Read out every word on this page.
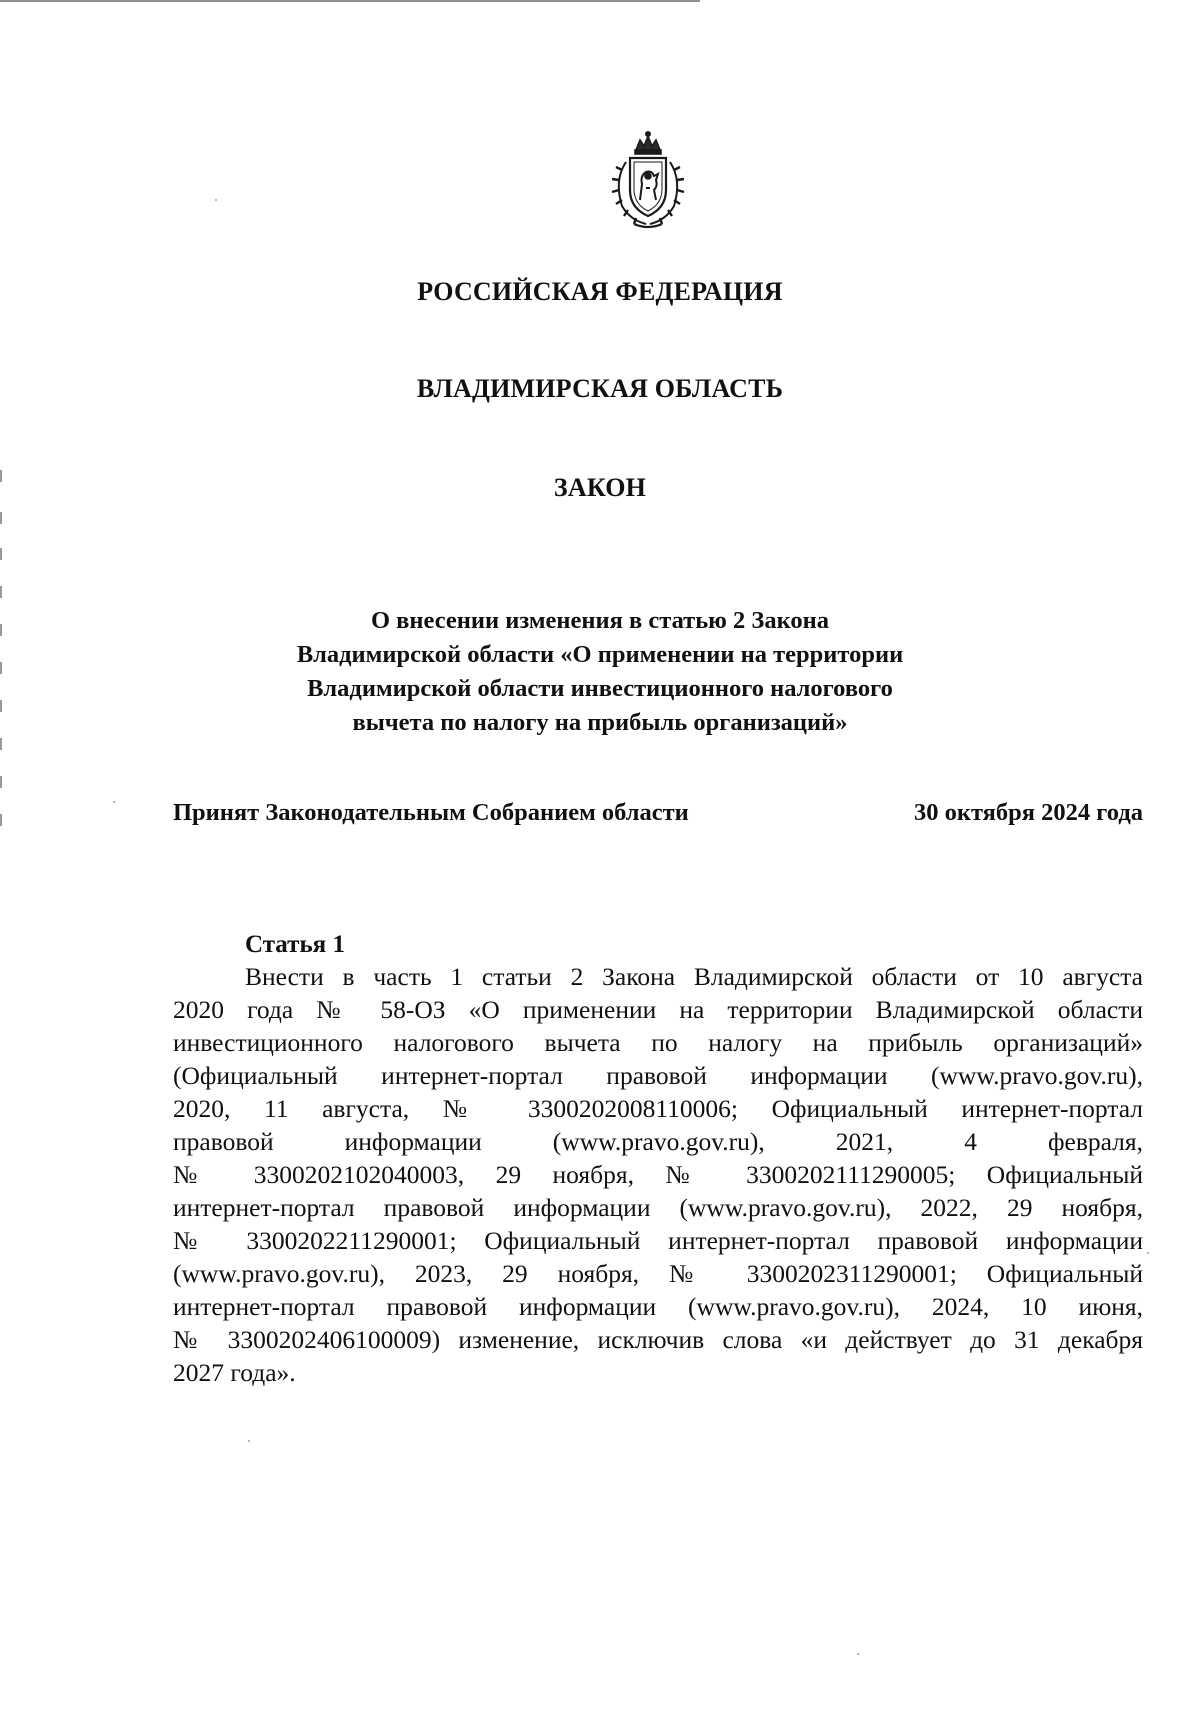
РОССИЙСКАЯ ФЕДЕРАЦИЯ
ВЛАДИМИРСКАЯ ОБЛАСТЬ
ЗАКОН
О внесении изменения в статью 2 Закона
Владимирской области «О применении на территории
Владимирской области инвестиционного налогового
вычета по налогу на прибыль организаций»
Принят Законодательным Собранием области	30 октября 2024 года
Статья 1
Внести в часть 1 статьи 2 Закона Владимирской области от 10 августа
2020 года № 58-ОЗ «О применении на территории Владимирской области
инвестиционного налогового вычета по налогу на прибыль организаций»
(Официальный интернет-портал правовой информации (www.pravo.gov.ru),
2020, 11 августа, № 3300202008110006; Официальный интернет-портал
правовой информации (www.pravo.gov.ru), 2021, 4 февраля,
№ 3300202102040003, 29 ноября, № 3300202111290005; Официальный
интернет-портал правовой информации (www.pravo.gov.ru), 2022, 29 ноября,
№ 3300202211290001; Официальный интернет-портал правовой информации
(www.pravo.gov.ru), 2023, 29 ноября, № 3300202311290001; Официальный
интернет-портал правовой информации (www.pravo.gov.ru), 2024, 10 июня,
№ 3300202406100009) изменение, исключив слова «и действует до 31 декабря
2027 года».
